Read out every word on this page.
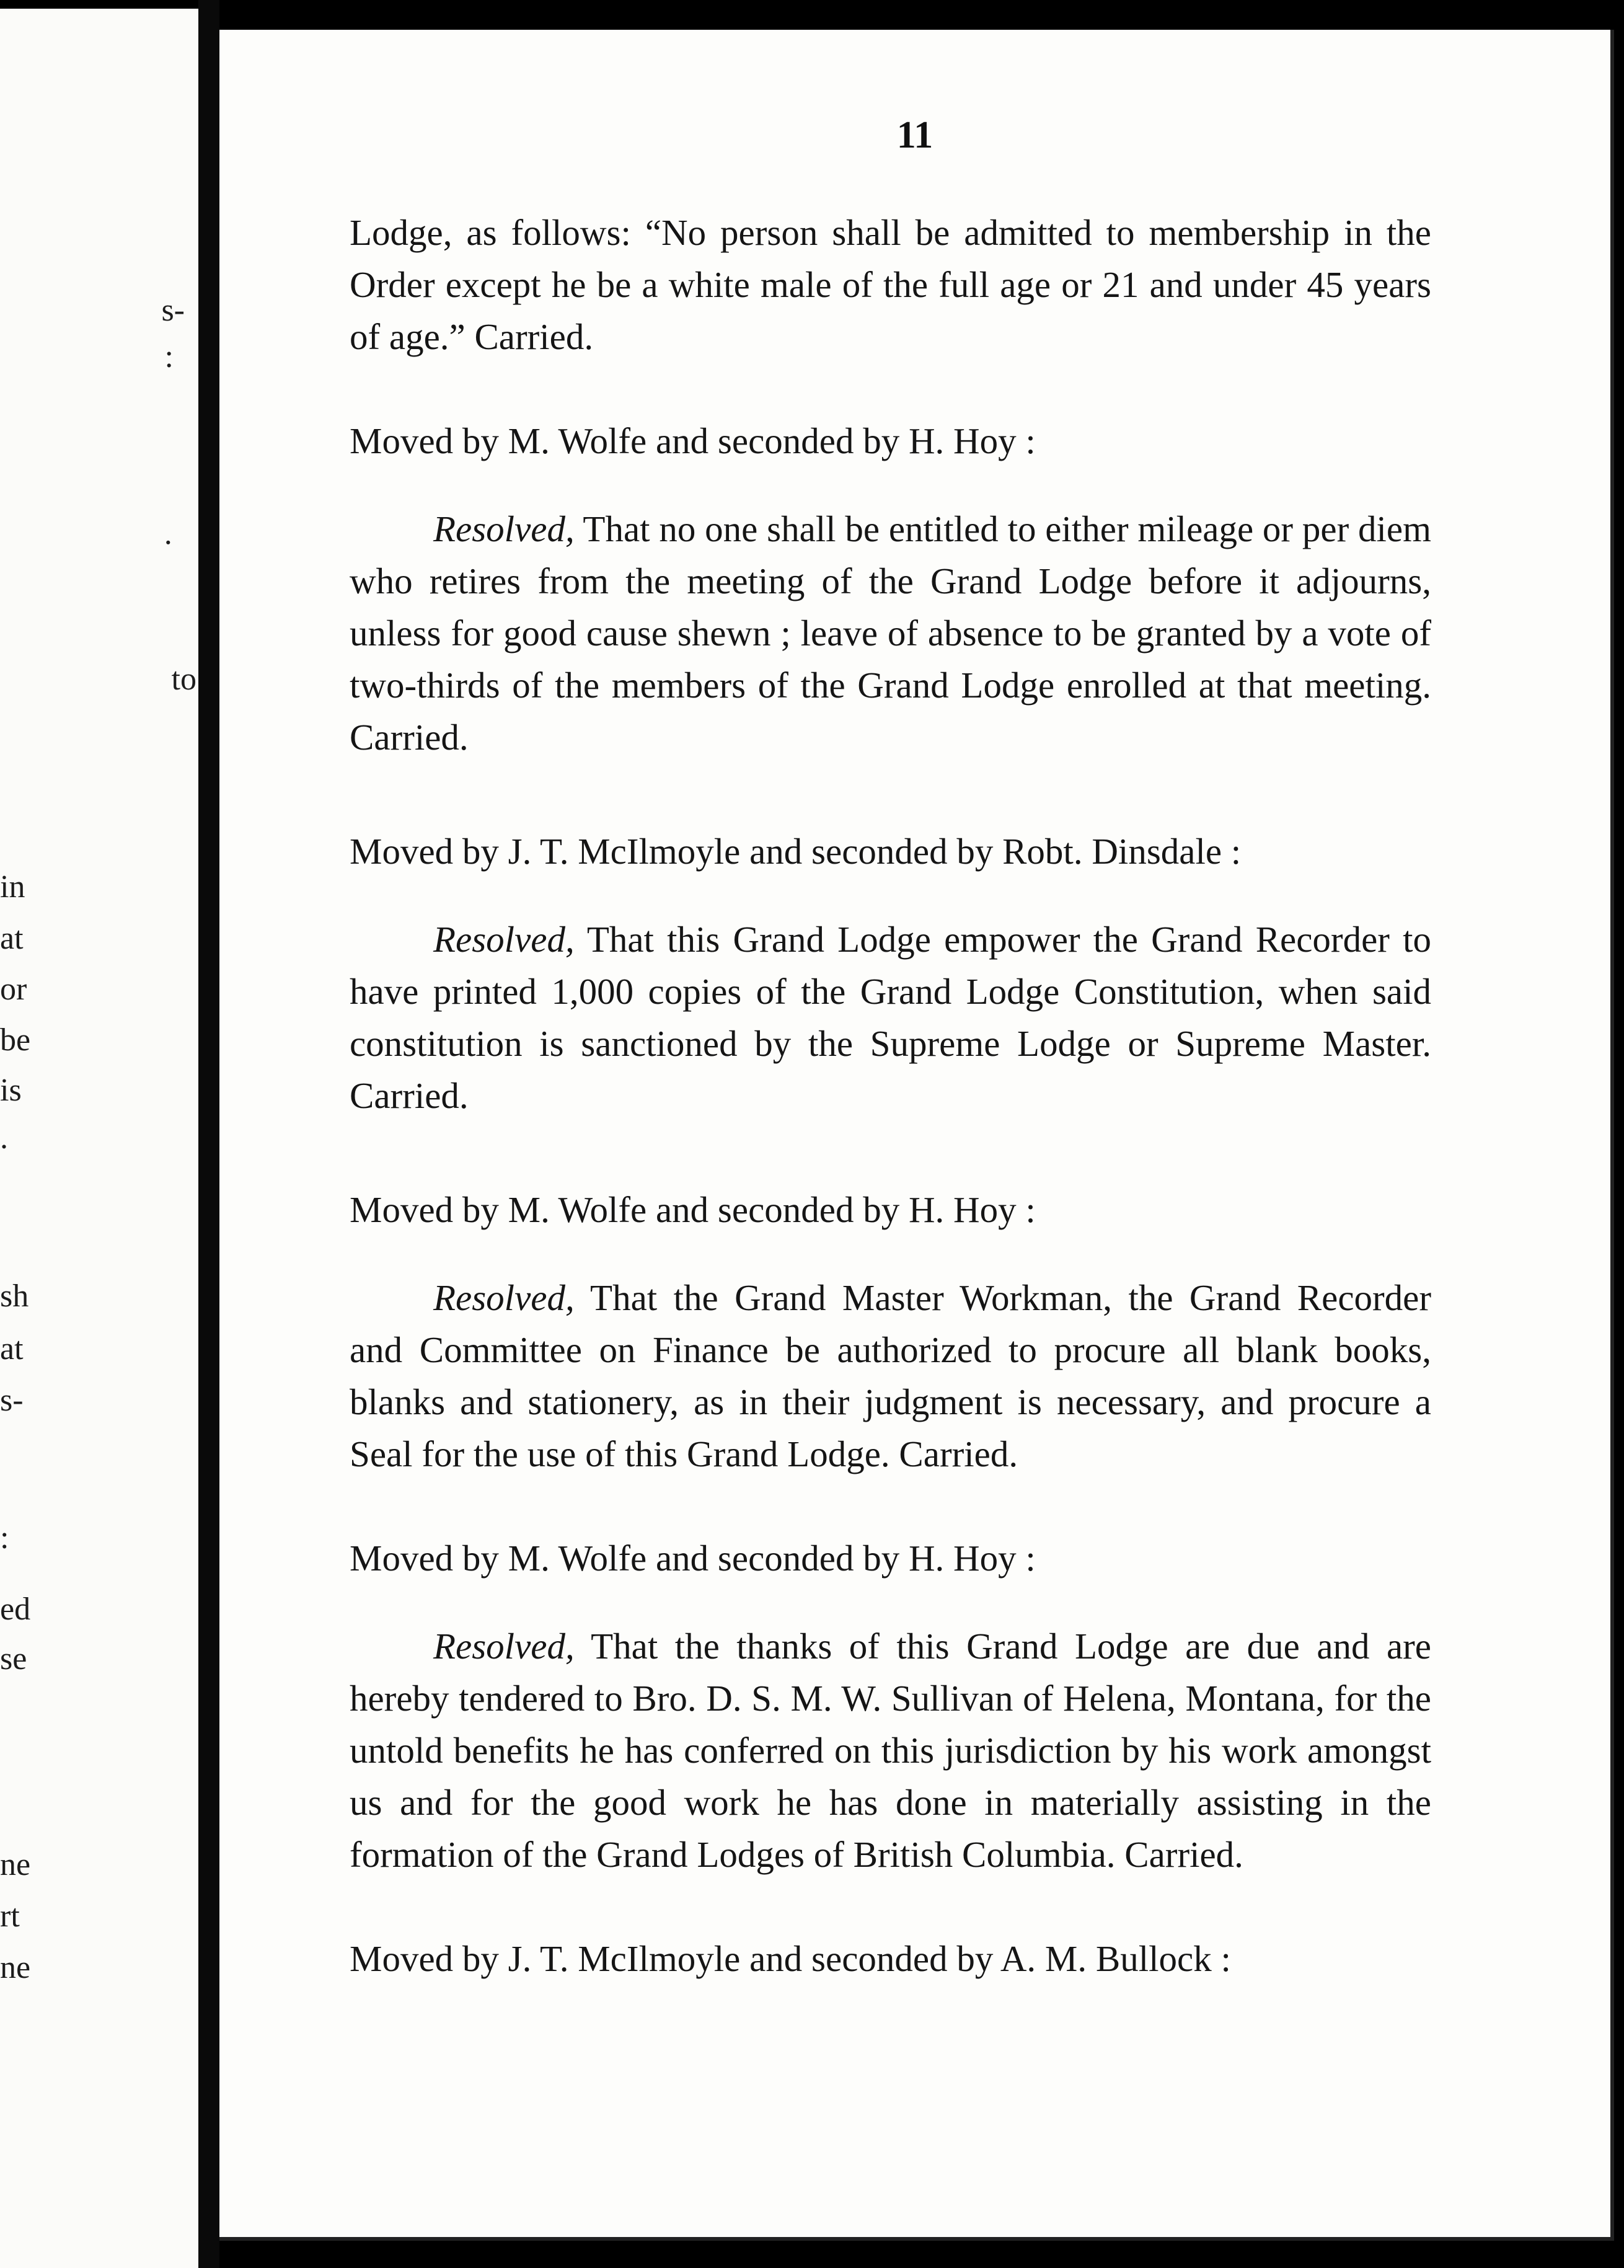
s-
:
·
to
in
at
or
be
is
.
sh
at
s-
:
ed
se
ne
rt
ne
11

Lodge, as follows: “No person shall be admitted to membership in the Order except he be a white male of the full age or 21 and under 45 years of age.” Carried.

Moved by M. Wolfe and seconded by H. Hoy :

Resolved, That no one shall be entitled to either mileage or per diem who retires from the meeting of the Grand Lodge before it adjourns, unless for good cause shewn ; leave of absence to be granted by a vote of two-thirds of the members of the Grand Lodge enrolled at that meeting. Carried.

Moved by J. T. McIlmoyle and seconded by Robt. Dinsdale :

Resolved, That this Grand Lodge empower the Grand Recorder to have printed 1,000 copies of the Grand Lodge Constitution, when said constitution is sanctioned by the Supreme Lodge or Supreme Master. Carried.

Moved by M. Wolfe and seconded by H. Hoy :

Resolved, That the Grand Master Workman, the Grand Recorder and Committee on Finance be authorized to procure all blank books, blanks and stationery, as in their judgment is necessary, and procure a Seal for the use of this Grand Lodge. Carried.

Moved by M. Wolfe and seconded by H. Hoy :

Resolved, That the thanks of this Grand Lodge are due and are hereby tendered to Bro. D. S. M. W. Sullivan of Helena, Montana, for the untold benefits he has conferred on this jurisdiction by his work amongst us and for the good work he has done in materially assisting in the formation of the Grand Lodges of British Columbia. Carried.

Moved by J. T. McIlmoyle and seconded by A. M. Bullock :
